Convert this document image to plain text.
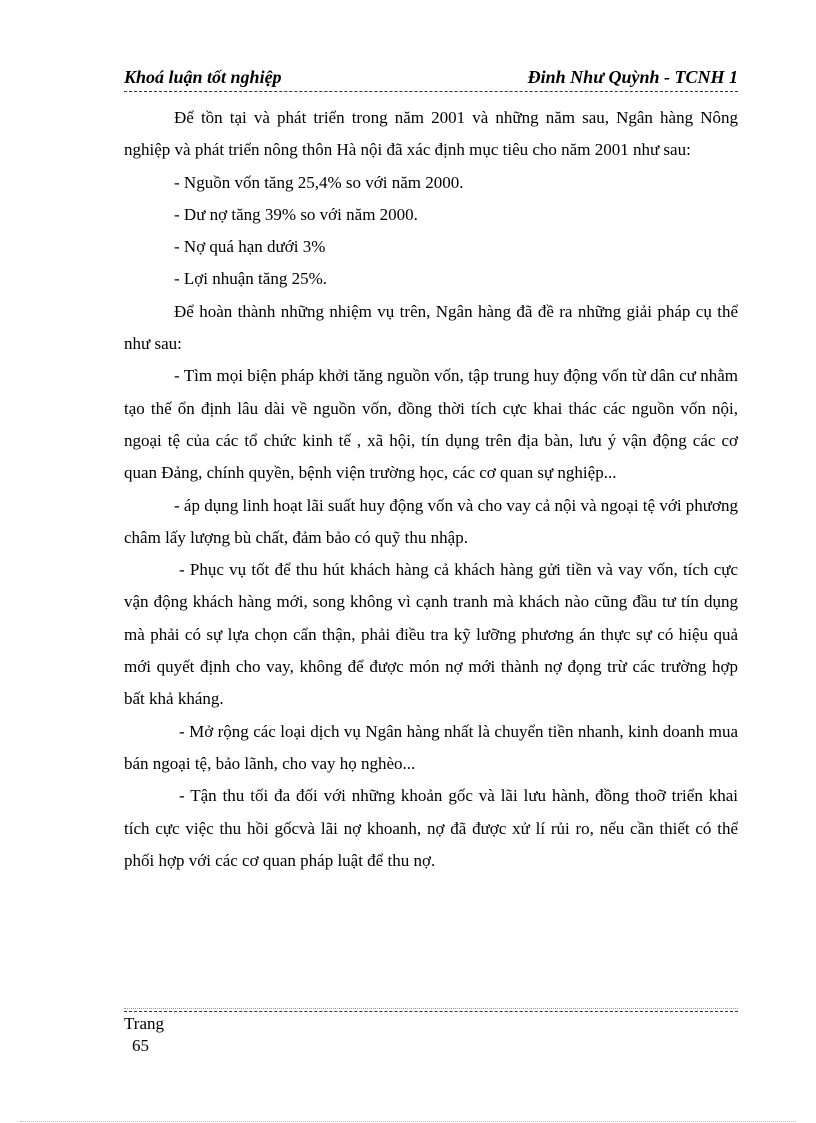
Khoá luận tốt nghiệp	Đinh Như Quỳnh - TCNH 1

Để tồn tại và phát triển trong năm 2001 và những năm sau, Ngân hàng Nông nghiệp và phát triển nông thôn Hà nội đã xác định mục tiêu cho năm 2001 như sau:

- Nguồn vốn tăng 25,4% so với năm 2000.

- Dư nợ tăng 39% so với năm 2000.

- Nợ quá hạn dưới 3%

- Lợi nhuận tăng 25%.

Để hoàn thành những nhiệm vụ trên, Ngân hàng đã đề ra những giải pháp cụ thể như sau:

- Tìm mọi biện pháp khởi tăng nguồn vốn, tập trung huy động vốn từ dân cư nhằm tạo thế ổn định lâu dài về nguồn vốn, đồng thời tích cực khai thác các nguồn vốn nội, ngoại tệ của các tổ chức kinh tế , xã hội, tín dụng trên địa bàn, lưu ý vận động các cơ quan Đảng, chính quyền, bệnh viện trường học, các cơ quan sự nghiệp...

- áp dụng linh hoạt lãi suất huy động vốn và cho vay cả nội và ngoại tệ với phương châm lấy lượng bù chất, đảm bảo có quỹ thu nhập.

- Phục vụ tốt để thu hút khách hàng cả khách hàng gửi tiền và vay vốn, tích cực vận động khách hàng mới, song không vì cạnh tranh mà khách nào cũng đầu tư tín dụng mà phải có sự lựa chọn cẩn thận, phải điều tra kỹ lưỡng phương án thực sự có hiệu quả mới quyết định cho vay, không để được món nợ mới thành nợ đọng trừ các trường hợp bất khả kháng.

- Mở rộng các loại dịch vụ Ngân hàng nhất là chuyển tiền nhanh, kinh doanh mua bán ngoại tệ, bảo lãnh, cho vay họ nghèo...

- Tận thu tối đa đối với những khoản gốc và lãi lưu hành, đồng thoỡ triển khai tích cực việc thu hồi gốcvà lãi nợ khoanh, nợ đã được xử lí rủi ro, nếu cần thiết có thể phối hợp với các cơ quan pháp luật để thu nợ.

Trang
65
